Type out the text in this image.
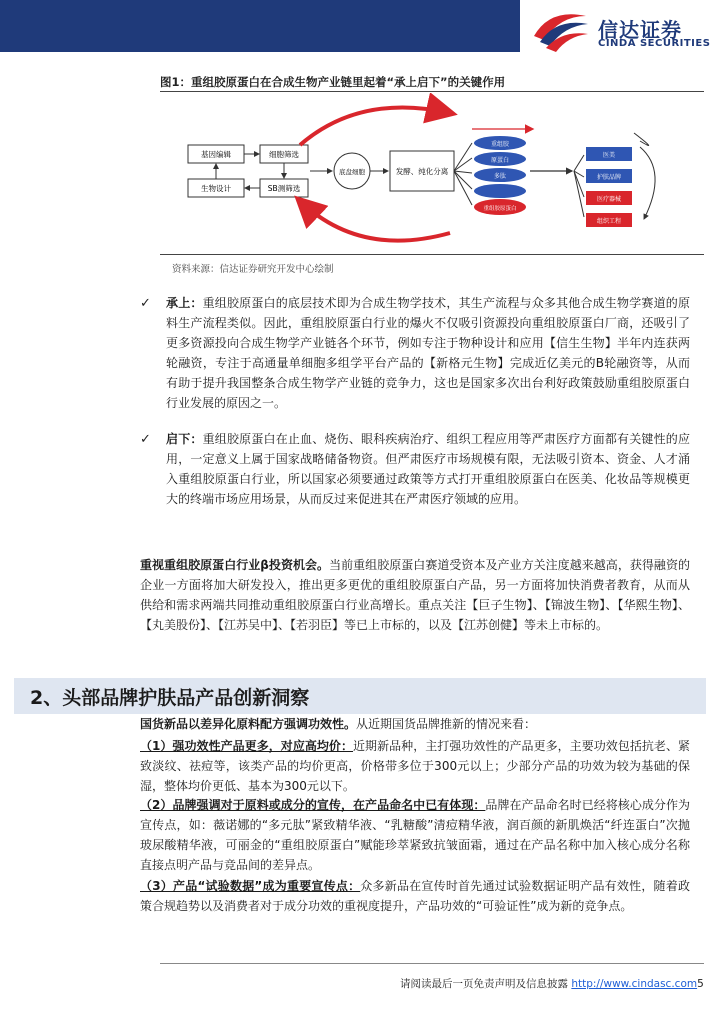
信达证券
CINDA SECURITIES
图1：重组胶原蛋白在合成生物产业链里起着“承上启下”的关键作用
基因编辑	细胞筛选
生物设计	SB测筛选
底盘细胞	发酵、纯化分离
重组胶
原蛋白
多肽
重组胶原蛋白
医美
护肤品牌
医疗器械
组织工程
资料来源：信达证券研究开发中心绘制
✓ 承上：重组胶原蛋白的底层技术即为合成生物学技术，其生产流程与众多其他合成生物学赛道的原料生产流程类似。因此，重组胶原蛋白行业的爆火不仅吸引资源投向重组胶原蛋白厂商，还吸引了更多资源投向合成生物学产业链各个环节，例如专注于物种设计和应用【信生生物】半年内连获两轮融资，专注于高通量单细胞多组学平台产品的【新格元生物】完成近亿美元的B轮融资等，从而有助于提升我国整条合成生物学产业链的竞争力，这也是国家多次出台利好政策鼓励重组胶原蛋白行业发展的原因之一。
✓ 启下：重组胶原蛋白在止血、烧伤、眼科疾病治疗、组织工程应用等严肃医疗方面都有关键性的应用，一定意义上属于国家战略储备物资。但严肃医疗市场规模有限，无法吸引资本、资金、人才涌入重组胶原蛋白行业，所以国家必须要通过政策等方式打开重组胶原蛋白在医美、化妆品等规模更大的终端市场应用场景，从而反过来促进其在严肃医疗领域的应用。
重视重组胶原蛋白行业β投资机会。当前重组胶原蛋白赛道受资本及产业方关注度越来越高，获得融资的企业一方面将加大研发投入，推出更多更优的重组胶原蛋白产品，另一方面将加快消费者教育，从而从供给和需求两端共同推动重组胶原蛋白行业高增长。重点关注【巨子生物】、【锦波生物】、【华熙生物】、【丸美股份】、【江苏吴中】、【若羽臣】等已上市标的，以及【江苏创健】等未上市标的。
2、头部品牌护肤品产品创新洞察
国货新品以差异化原料配方强调功效性。从近期国货品牌推新的情况来看：
（1）强功效性产品更多，对应高均价：近期新品种，主打强功效性的产品更多，主要功效包括抗老、紧致淡纹、祛痘等，该类产品的均价更高，价格带多位于300元以上；少部分产品的功效为较为基础的保湿，整体均价更低、基本为300元以下。
（2）品牌强调对于原料或成分的宣传，在产品命名中已有体现：品牌在产品命名时已经将核心成分作为宣传点，如：薇诺娜的“多元肽”紧致精华液、“乳糖酸”清痘精华液，润百颜的新肌焕活“纤连蛋白”次抛玻尿酸精华液，可丽金的“重组胶原蛋白”赋能珍萃紧致抗皱面霜，通过在产品名称中加入核心成分名称直接点明产品与竞品间的差异点。
（3）产品“试验数据”成为重要宣传点：众多新品在宣传时首先通过试验数据证明产品有效性，随着政策合规趋势以及消费者对于成分功效的重视度提升，产品功效的“可验证性”成为新的竞争点。
请阅读最后一页免责声明及信息披露 http://www.cindasc.com5
